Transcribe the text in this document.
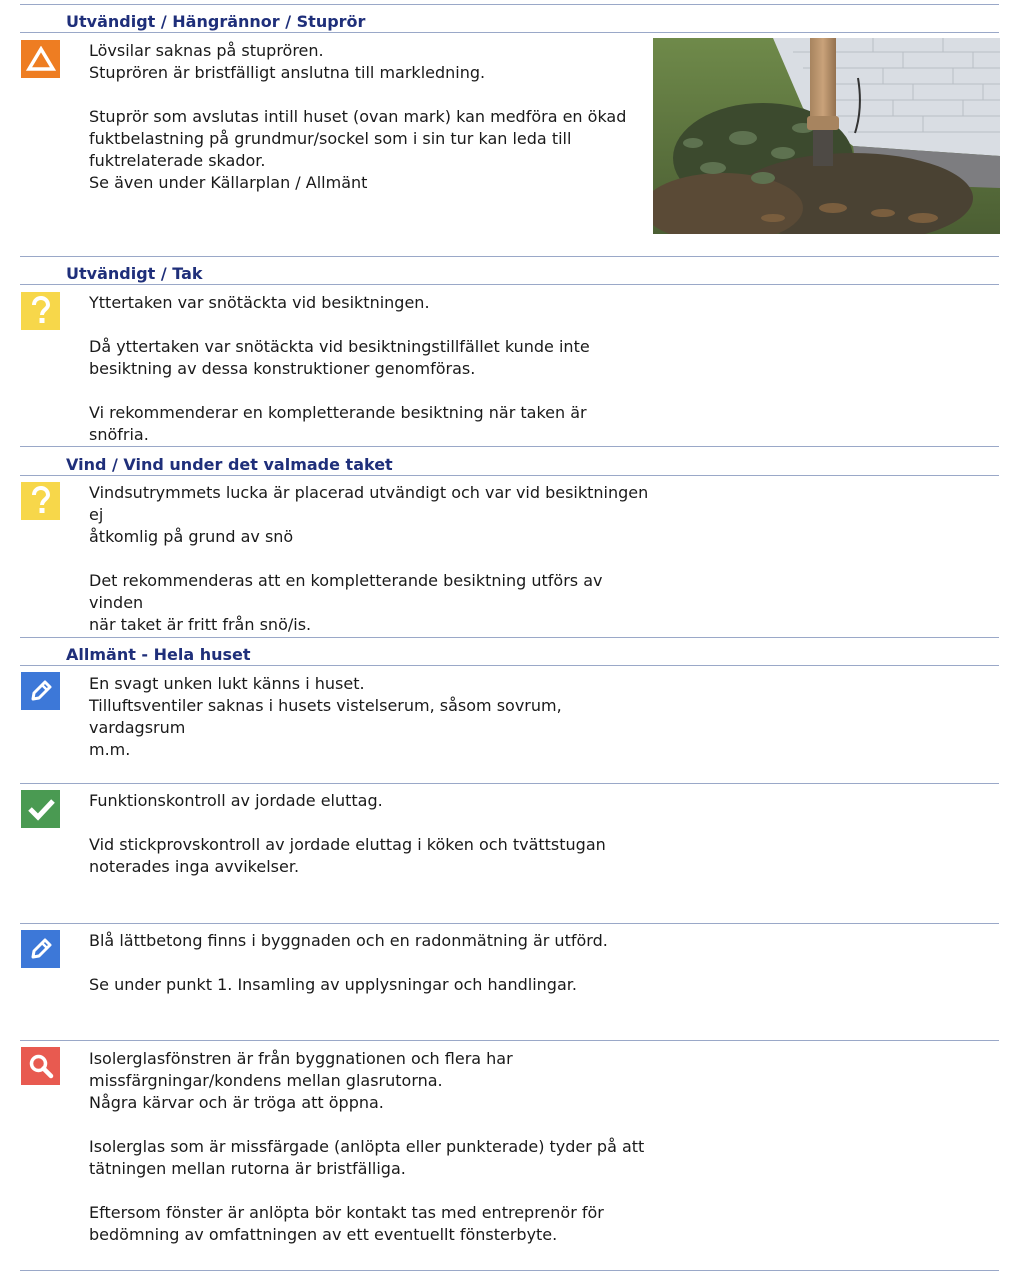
Utvändigt / Hängrännor / Stuprör

Lövsilar saknas på stuprören.

Stuprören är bristfälligt anslutna till markledning.

Stuprör som avslutas intill huset (ovan mark) kan medföra en ökad

fuktbelastning på grundmur/sockel som i sin tur kan leda till

fuktrelaterade skador.

Se även under Källarplan / Allmänt

Utvändigt / Tak

Yttertaken var snötäckta vid besiktningen.

Då yttertaken var snötäckta vid besiktningstillfället kunde inte

besiktning av dessa konstruktioner genomföras.

Vi rekommenderar en kompletterande besiktning när taken är snöfria.

Vind / Vind under det valmade taket

Vindsutrymmets lucka är placerad utvändigt och var vid besiktningen ej

åtkomlig på grund av snö

Det rekommenderas att en kompletterande besiktning utförs av vinden

när taket är fritt från snö/is.

Allmänt - Hela huset

En svagt unken lukt känns i huset.

Tilluftsventiler saknas i husets vistelserum, såsom sovrum, vardagsrum

m.m.

Funktionskontroll av jordade eluttag.

Vid stickprovskontroll av jordade eluttag i köken och tvättstugan

noterades inga avvikelser.

Blå lättbetong finns i byggnaden och en radonmätning är utförd.

Se under punkt 1. Insamling av upplysningar och handlingar.

Isolerglasfönstren är från byggnationen och flera har

missfärgningar/kondens mellan glasrutorna.

Några kärvar och är tröga att öppna.

Isolerglas som är missfärgade (anlöpta eller punkterade) tyder på att

tätningen mellan rutorna är bristfälliga.

Eftersom fönster är anlöpta bör kontakt tas med entreprenör för

bedömning av omfattningen av ett eventuellt fönsterbyte.
